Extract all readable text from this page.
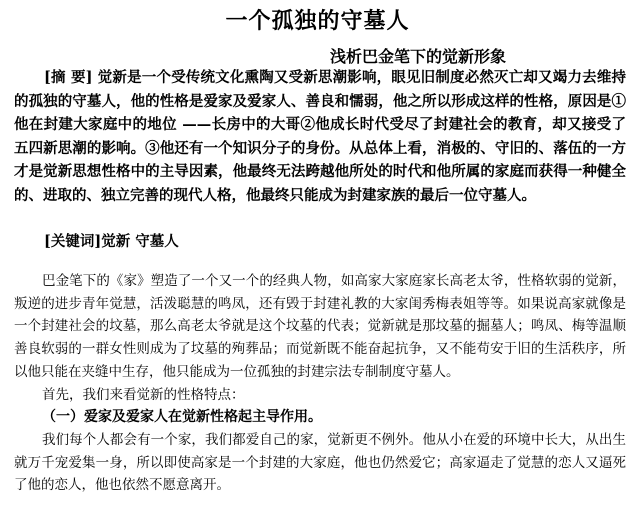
一个孤独的守墓人
浅析巴金笔下的觉新形象
[摘 要] 觉新是一个受传统文化熏陶又受新思潮影响，眼见旧制度必然灭亡却又竭力去维持的孤独的守墓人，他的性格是爱家及爱家人、善良和懦弱，他之所以形成这样的性格，原因是①他在封建大家庭中的地位 ——长房中的大哥②他成长时代受尽了封建社会的教育，却又接受了五四新思潮的影响。③他还有一个知识分子的身份。从总体上看，消极的、守旧的、落伍的一方才是觉新思想性格中的主导因素，他最终无法跨越他所处的时代和他所属的家庭而获得一种健全的、进取的、独立完善的现代人格，他最终只能成为封建家族的最后一位守墓人。
[关键词]觉新 守墓人

巴金笔下的《家》塑造了一个又一个的经典人物，如高家大家庭家长高老太爷，性格软弱的觉新，叛逆的进步青年觉慧，活泼聪慧的鸣凤，还有毁于封建礼教的大家闺秀梅表姐等等。如果说高家就像是一个封建社会的坟墓，那么高老太爷就是这个坟墓的代表；觉新就是那坟墓的掘墓人；鸣凤、梅等温顺善良软弱的一群女性则成为了坟墓的殉葬品；而觉新既不能奋起抗争，又不能苟安于旧的生活秩序，所以他只能在夹缝中生存，他只能成为一位孤独的封建宗法专制制度守墓人。

首先，我们来看觉新的性格特点：

（一）爱家及爱家人在觉新性格起主导作用。

我们每个人都会有一个家，我们都爱自己的家，觉新更不例外。他从小在爱的环境中长大，从出生就万千宠爱集一身，所以即使高家是一个封建的大家庭，他也仍然爱它；高家逼走了觉慧的恋人又逼死了他的恋人，他也依然不愿意离开。
